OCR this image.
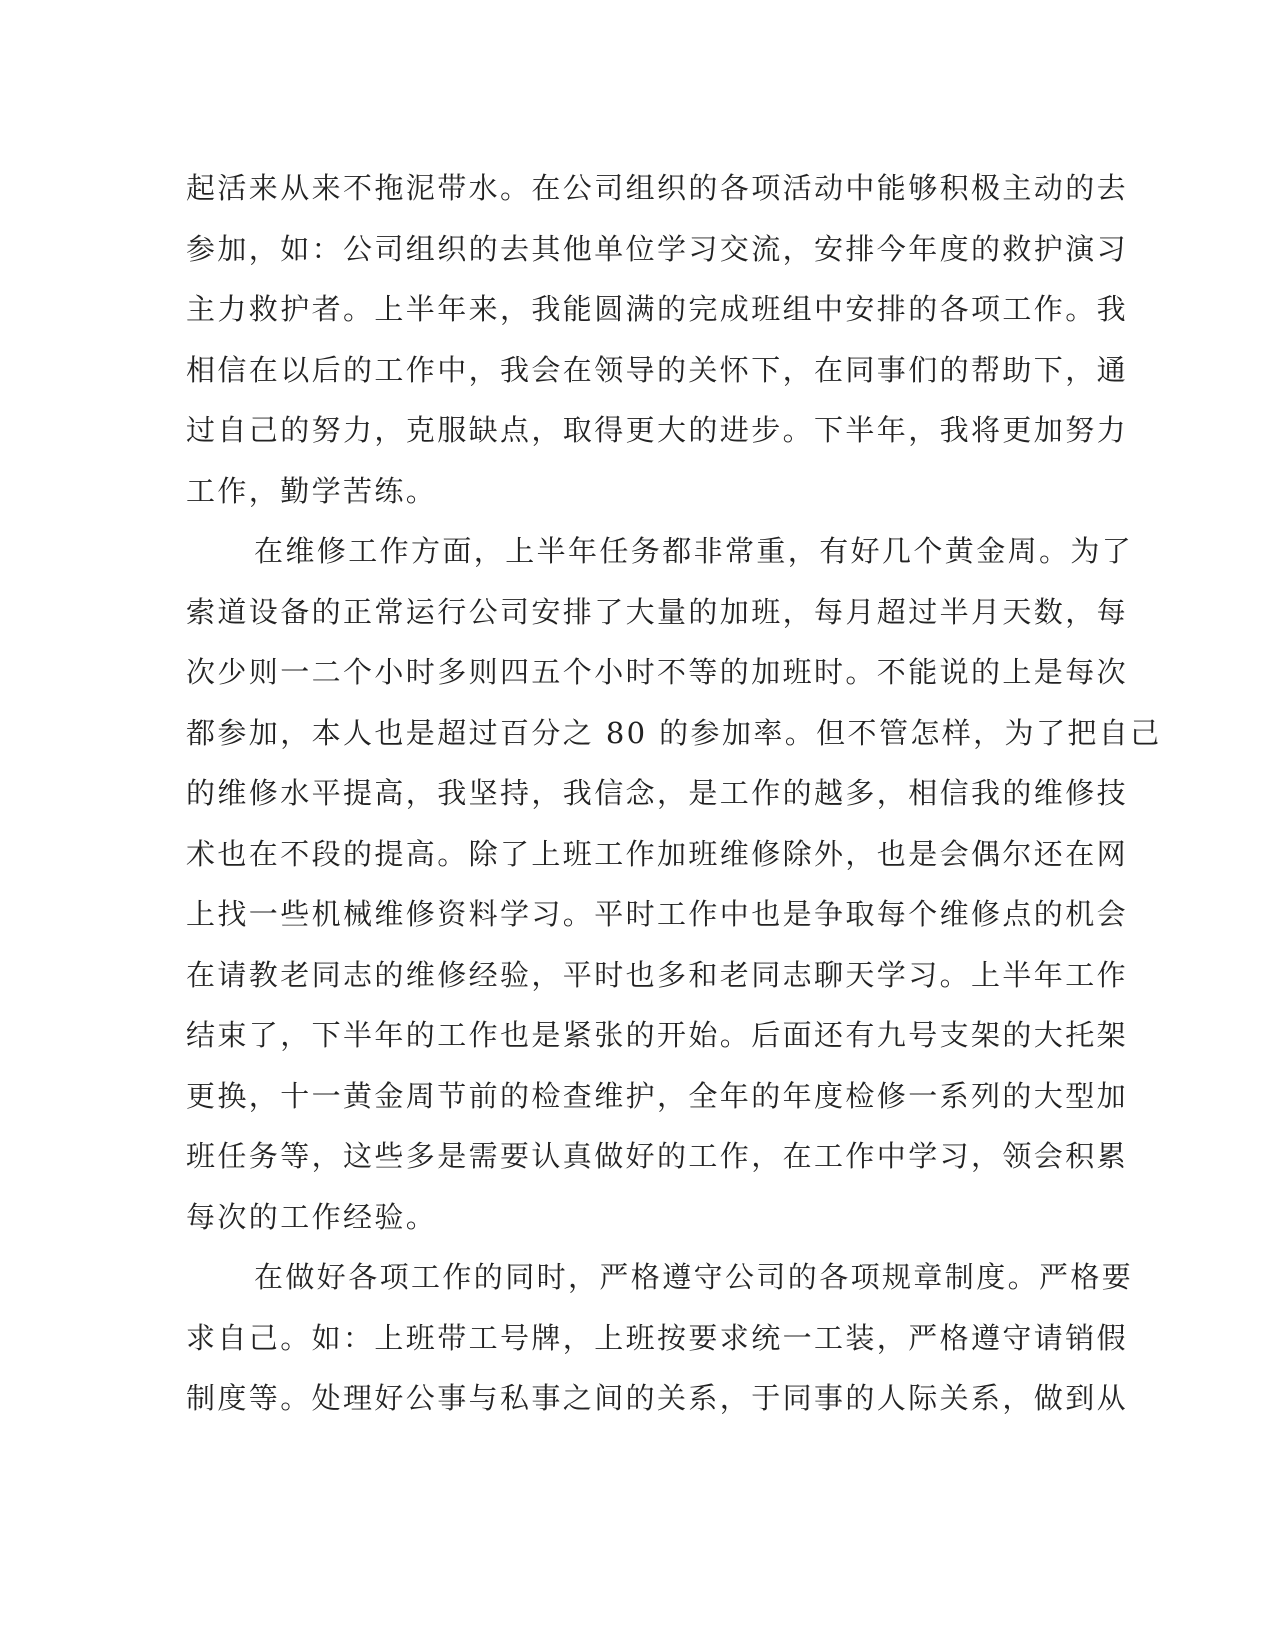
起活来从来不拖泥带水。在公司组织的各项活动中能够积极主动的去
参加，如：公司组织的去其他单位学习交流，安排今年度的救护演习
主力救护者。上半年来，我能圆满的完成班组中安排的各项工作。我
相信在以后的工作中，我会在领导的关怀下，在同事们的帮助下，通
过自己的努力，克服缺点，取得更大的进步。下半年，我将更加努力
工作，勤学苦练。

在维修工作方面，上半年任务都非常重，有好几个黄金周。为了
索道设备的正常运行公司安排了大量的加班，每月超过半月天数，每
次少则一二个小时多则四五个小时不等的加班时。不能说的上是每次
都参加，本人也是超过百分之 80 的参加率。但不管怎样，为了把自己
的维修水平提高，我坚持，我信念，是工作的越多，相信我的维修技
术也在不段的提高。除了上班工作加班维修除外，也是会偶尔还在网
上找一些机械维修资料学习。平时工作中也是争取每个维修点的机会
在请教老同志的维修经验，平时也多和老同志聊天学习。上半年工作
结束了，下半年的工作也是紧张的开始。后面还有九号支架的大托架
更换，十一黄金周节前的检查维护，全年的年度检修一系列的大型加
班任务等，这些多是需要认真做好的工作，在工作中学习，领会积累
每次的工作经验。

在做好各项工作的同时，严格遵守公司的各项规章制度。严格要
求自己。如：上班带工号牌，上班按要求统一工装，严格遵守请销假
制度等。处理好公事与私事之间的关系，于同事的人际关系，做到从
